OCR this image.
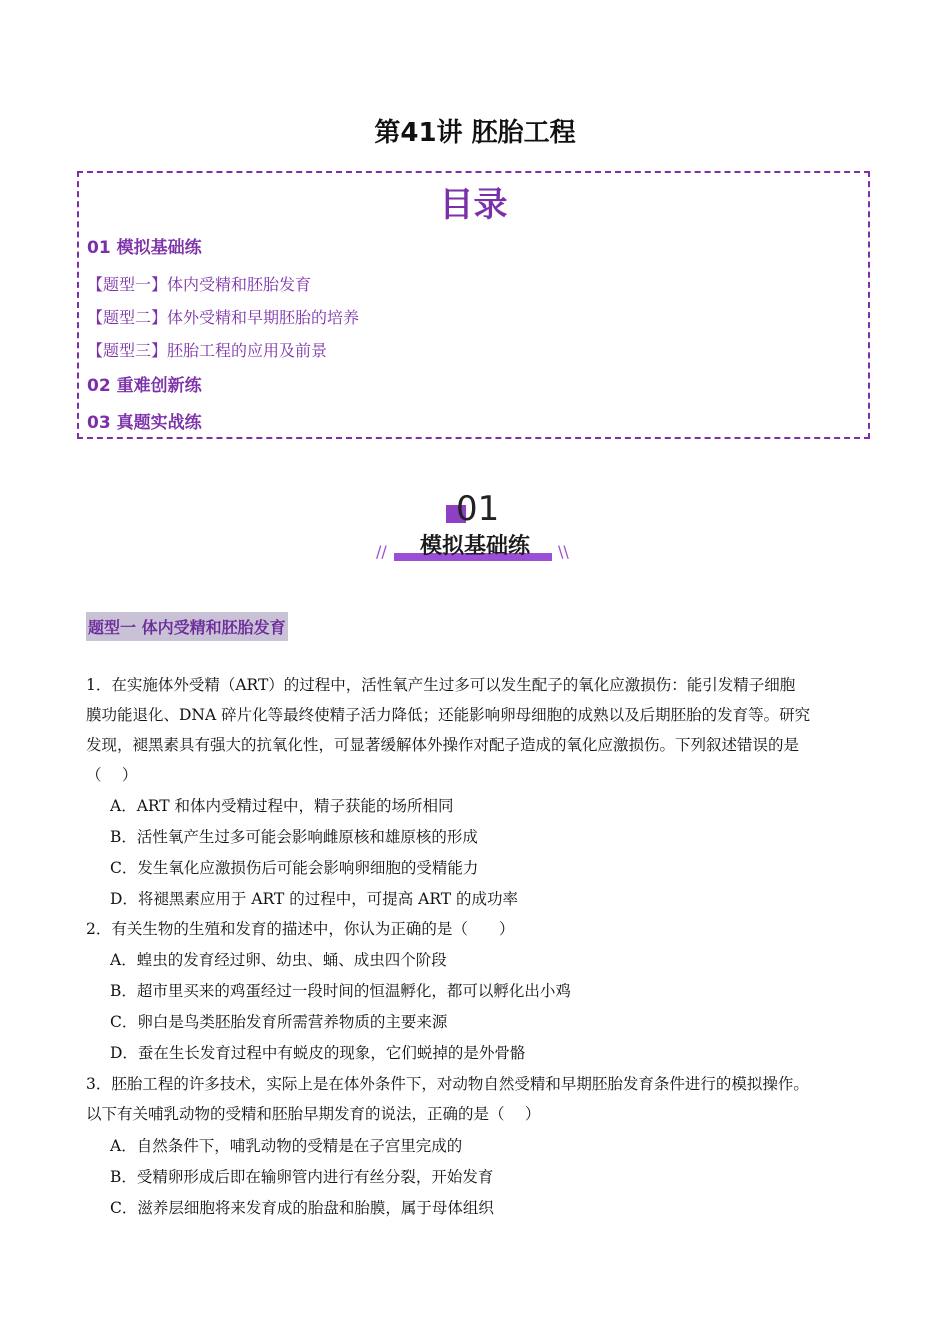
第41讲 胚胎工程
目录
01 模拟基础练
【题型一】体内受精和胚胎发育
【题型二】体外受精和早期胚胎的培养
【题型三】胚胎工程的应用及前景
02 重难创新练
03 真题实战练
01
模拟基础练
//	\\
题型一 体内受精和胚胎发育
1．在实施体外受精（ART）的过程中，活性氧产生过多可以发生配子的氧化应激损伤：能引发精子细胞
膜功能退化、DNA 碎片化等最终使精子活力降低；还能影响卵母细胞的成熟以及后期胚胎的发育等。研究
发现，褪黑素具有强大的抗氧化性，可显著缓解体外操作对配子造成的氧化应激损伤。下列叙述错误的是
（　 ）
A．ART 和体内受精过程中，精子获能的场所相同
B．活性氧产生过多可能会影响雌原核和雄原核的形成
C．发生氧化应激损伤后可能会影响卵细胞的受精能力
D．将褪黑素应用于 ART 的过程中，可提高 ART 的成功率
2．有关生物的生殖和发育的描述中，你认为正确的是（　　）
A．蝗虫的发育经过卵、幼虫、蛹、成虫四个阶段
B．超市里买来的鸡蛋经过一段时间的恒温孵化，都可以孵化出小鸡
C．卵白是鸟类胚胎发育所需营养物质的主要来源
D．蚕在生长发育过程中有蜕皮的现象，它们蜕掉的是外骨骼
3．胚胎工程的许多技术，实际上是在体外条件下，对动物自然受精和早期胚胎发育条件进行的模拟操作。
以下有关哺乳动物的受精和胚胎早期发育的说法，正确的是（　 ）
A．自然条件下，哺乳动物的受精是在子宫里完成的
B．受精卵形成后即在输卵管内进行有丝分裂，开始发育
C．滋养层细胞将来发育成的胎盘和胎膜，属于母体组织
